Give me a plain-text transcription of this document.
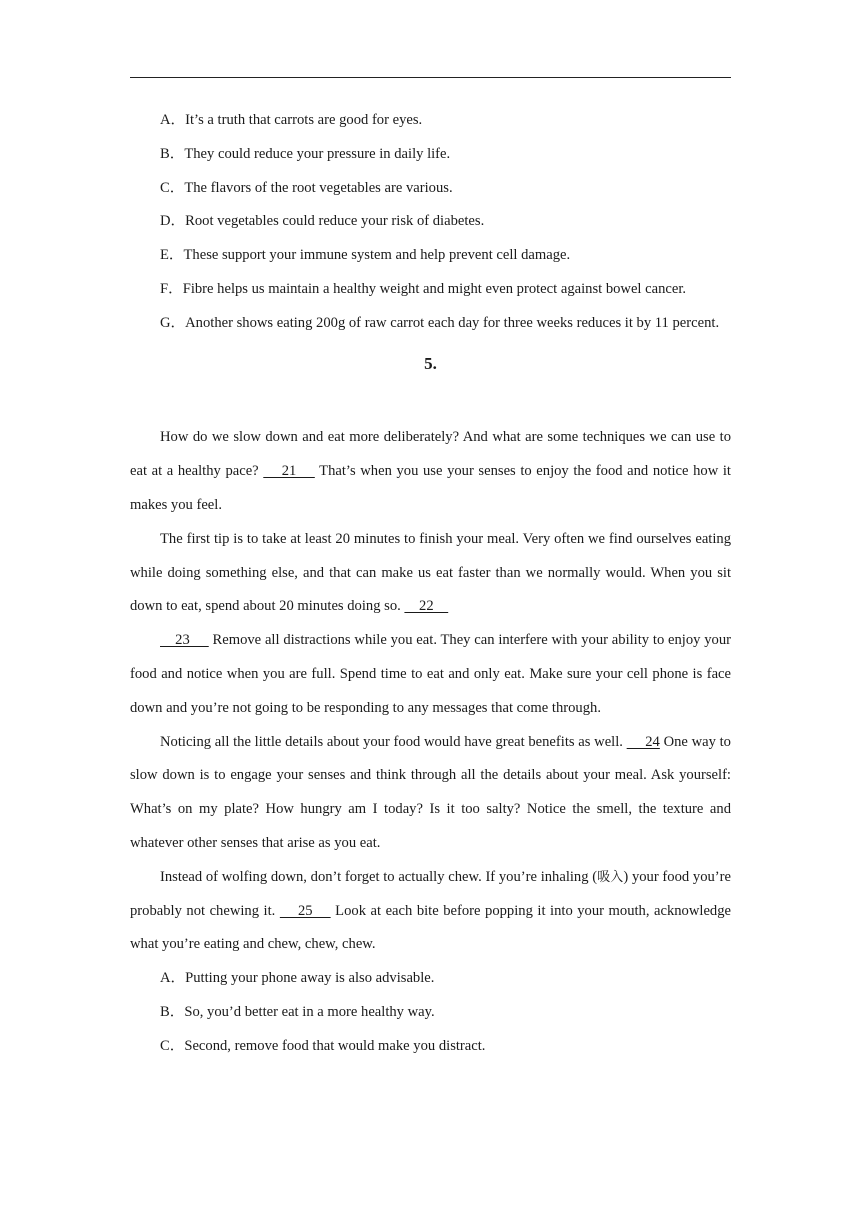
A．It’s a truth that carrots are good for eyes.

B．They could reduce your pressure in daily life.

C．The flavors of the root vegetables are various.

D．Root vegetables could reduce your risk of diabetes.

E．These support your immune system and help prevent cell damage.

F．Fibre helps us maintain a healthy weight and might even protect against bowel cancer.

G．Another shows eating 200g of raw carrot each day for three weeks reduces it by 11 percent.

5.

How do we slow down and eat more deliberately? And what are some techniques we can use to eat at a healthy pace?     21     That’s when you use your senses to enjoy the food and notice how it makes you feel.

The first tip is to take at least 20 minutes to finish your meal. Very often we find ourselves eating while doing something else, and that can make us eat faster than we normally would. When you sit down to eat, spend about 20 minutes doing so.     22

23      Remove all distractions while you eat. They can interfere with your ability to enjoy your food and notice when you are full. Spend time to eat and only eat. Make sure your cell phone is face down and you’re not going to be responding to any messages that come through.

Noticing all the little details about your food would have great benefits as well.      24 One way to slow down is to engage your senses and think through all the details about your meal. Ask yourself: What’s on my plate? How hungry am I today? Is it too salty? Notice the smell, the texture and whatever other senses that arise as you eat.

Instead of wolfing down, don’t forget to actually chew. If you’re inhaling (吸入) your food you’re probably not chewing it.     25     Look at each bite before popping it into your mouth, acknowledge what you’re eating and chew, chew, chew.

A．Putting your phone away is also advisable.

B．So, you’d better eat in a more healthy way.

C．Second, remove food that would make you distract.
